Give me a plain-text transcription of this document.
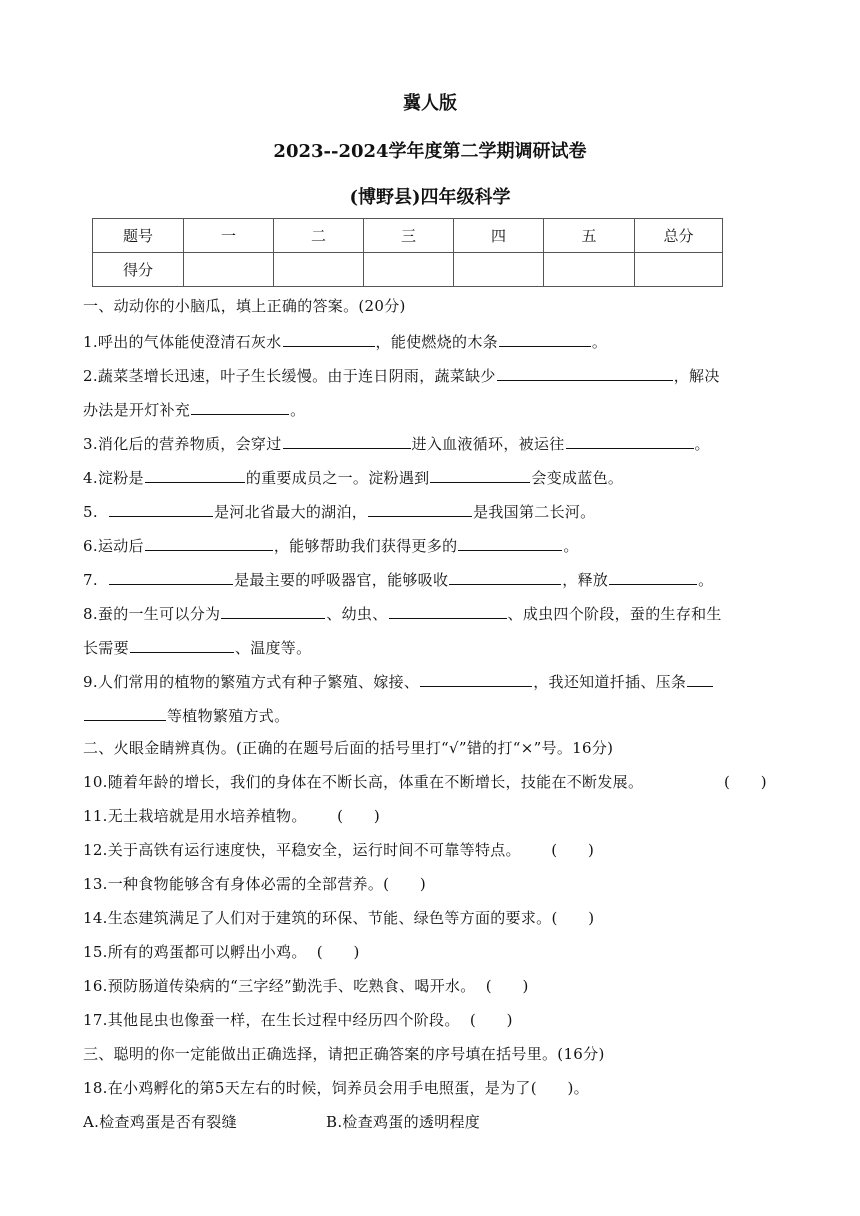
冀人版
2023--2024学年度第二学期调研试卷
(博野县)四年级科学
题号	一	二	三	四	五	总分
得分						
一、动动你的小脑瓜，填上正确的答案。(20分)
1.呼出的气体能使澄清石灰水	，能使燃烧的木条	。
2.蔬菜茎增长迅速，叶子生长缓慢。由于连日阴雨，蔬菜缺少	，解决
办法是开灯补充	。
3.消化后的营养物质，会穿过	进入血液循环，被运往	。
4.淀粉是	的重要成员之一。淀粉遇到	会变成蓝色。
5.	是河北省最大的湖泊，	是我国第二长河。
6.运动后	，能够帮助我们获得更多的	。
7.	是最主要的呼吸器官，能够吸收	，释放	。
8.蚕的一生可以分为	、幼虫、	、成虫四个阶段，蚕的生存和生
长需要	、温度等。
9.人们常用的植物的繁殖方式有种子繁殖、嫁接、	，我还知道扦插、压条
等植物繁殖方式。
二、火眼金睛辨真伪。(正确的在题号后面的括号里打“√”错的打“×”号。16分)
10.随着年龄的增长，我们的身体在不断长高，体重在不断增长，技能在不断发展。	(　　)
11.无土栽培就是用水培养植物。 (　　)
12.关于高铁有运行速度快，平稳安全，运行时间不可靠等特点。 (　　)
13.一种食物能够含有身体必需的全部营养。(　　)
14.生态建筑满足了人们对于建筑的环保、节能、绿色等方面的要求。(　　)
15.所有的鸡蛋都可以孵出小鸡。 (　　)
16.预防肠道传染病的“三字经”勤洗手、吃熟食、喝开水。 (　　)
17.其他昆虫也像蚕一样，在生长过程中经历四个阶段。 (　　)
三、聪明的你一定能做出正确选择，请把正确答案的序号填在括号里。(16分)
18.在小鸡孵化的第5天左右的时候，饲养员会用手电照蛋，是为了(　　)。
A.检查鸡蛋是否有裂缝	B.检查鸡蛋的透明程度
